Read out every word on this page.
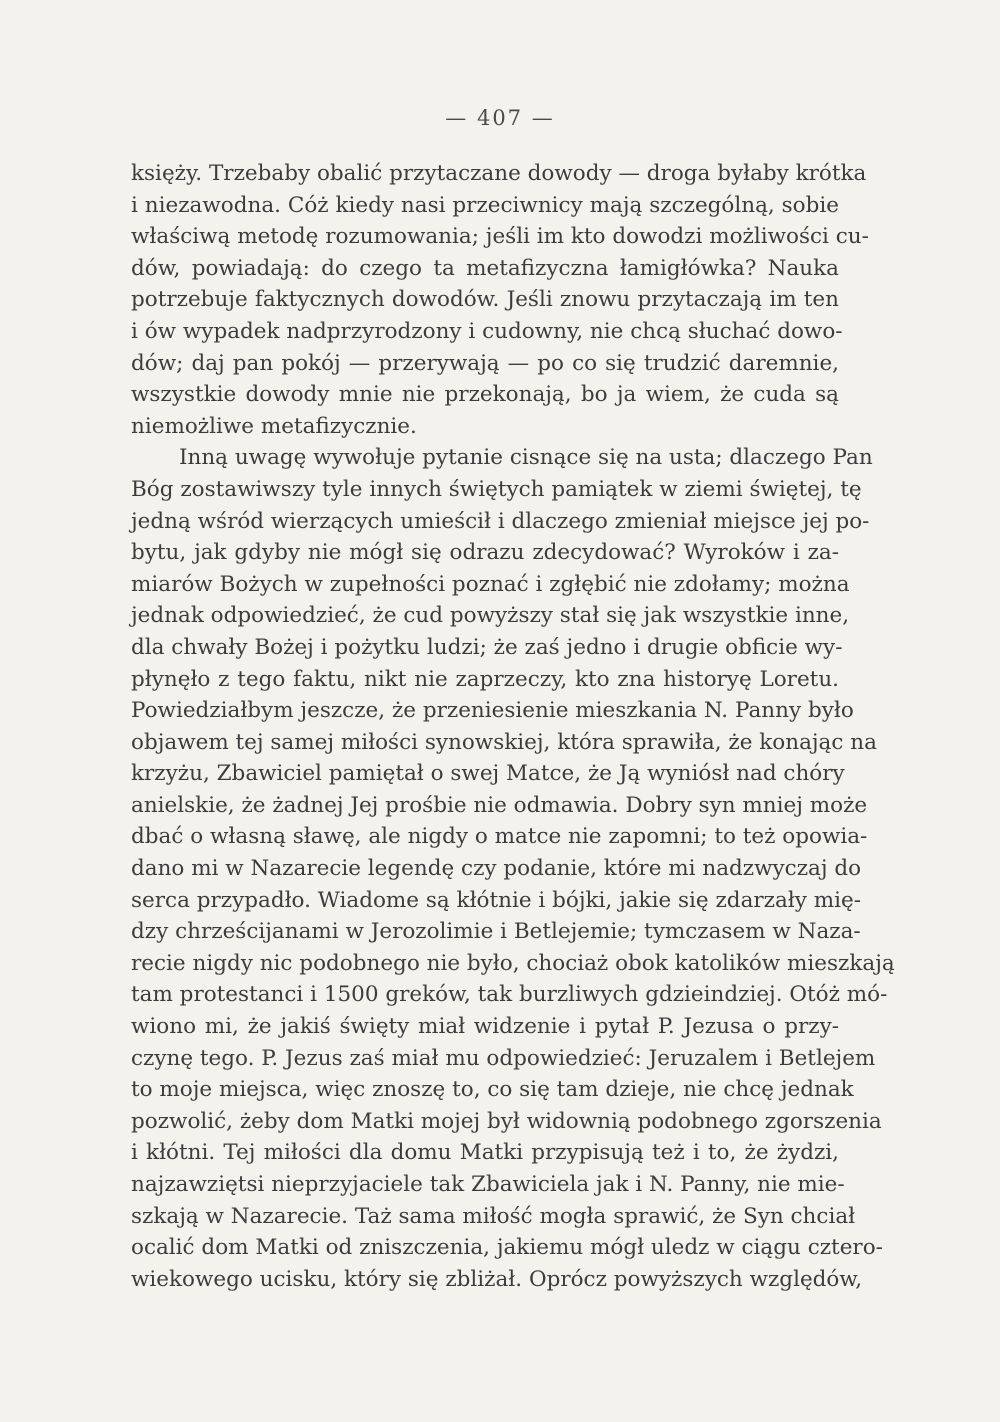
— 407 —
księży. Trzebaby obalić przytaczane dowody — droga byłaby krótka
i niezawodna. Cóż kiedy nasi przeciwnicy mają szczególną, sobie
właściwą metodę rozumowania; jeśli im kto dowodzi możliwości cu-
dów, powiadają: do czego ta metafizyczna łamigłówka? Nauka
potrzebuje faktycznych dowodów. Jeśli znowu przytaczają im ten
i ów wypadek nadprzyrodzony i cudowny, nie chcą słuchać dowo-
dów; daj pan pokój — przerywają — po co się trudzić daremnie,
wszystkie dowody mnie nie przekonają, bo ja wiem, że cuda są
niemożliwe metafizycznie.
Inną uwagę wywołuje pytanie cisnące się na usta; dlaczego Pan
Bóg zostawiwszy tyle innych świętych pamiątek w ziemi świętej, tę
jedną wśród wierzących umieścił i dlaczego zmieniał miejsce jej po-
bytu, jak gdyby nie mógł się odrazu zdecydować? Wyroków i za-
miarów Bożych w zupełności poznać i zgłębić nie zdołamy; można
jednak odpowiedzieć, że cud powyższy stał się jak wszystkie inne,
dla chwały Bożej i pożytku ludzi; że zaś jedno i drugie obficie wy-
płynęło z tego faktu, nikt nie zaprzeczy, kto zna historyę Loretu.
Powiedziałbym jeszcze, że przeniesienie mieszkania N. Panny było
objawem tej samej miłości synowskiej, która sprawiła, że konając na
krzyżu, Zbawiciel pamiętał o swej Matce, że Ją wyniósł nad chóry
anielskie, że żadnej Jej prośbie nie odmawia. Dobry syn mniej może
dbać o własną sławę, ale nigdy o matce nie zapomni; to też opowia-
dano mi w Nazarecie legendę czy podanie, które mi nadzwyczaj do
serca przypadło. Wiadome są kłótnie i bójki, jakie się zdarzały mię-
dzy chrześcijanami w Jerozolimie i Betlejemie; tymczasem w Naza-
recie nigdy nic podobnego nie było, chociaż obok katolików mieszkają
tam protestanci i 1500 greków, tak burzliwych gdzieindziej. Otóż mó-
wiono mi, że jakiś święty miał widzenie i pytał P. Jezusa o przy-
czynę tego. P. Jezus zaś miał mu odpowiedzieć: Jeruzalem i Betlejem
to moje miejsca, więc znoszę to, co się tam dzieje, nie chcę jednak
pozwolić, żeby dom Matki mojej był widownią podobnego zgorszenia
i kłótni. Tej miłości dla domu Matki przypisują też i to, że żydzi,
najzawziętsi nieprzyjaciele tak Zbawiciela jak i N. Panny, nie mie-
szkają w Nazarecie. Taż sama miłość mogła sprawić, że Syn chciał
ocalić dom Matki od zniszczenia, jakiemu mógł uledz w ciągu cztero-
wiekowego ucisku, który się zbliżał. Oprócz powyższych względów,
